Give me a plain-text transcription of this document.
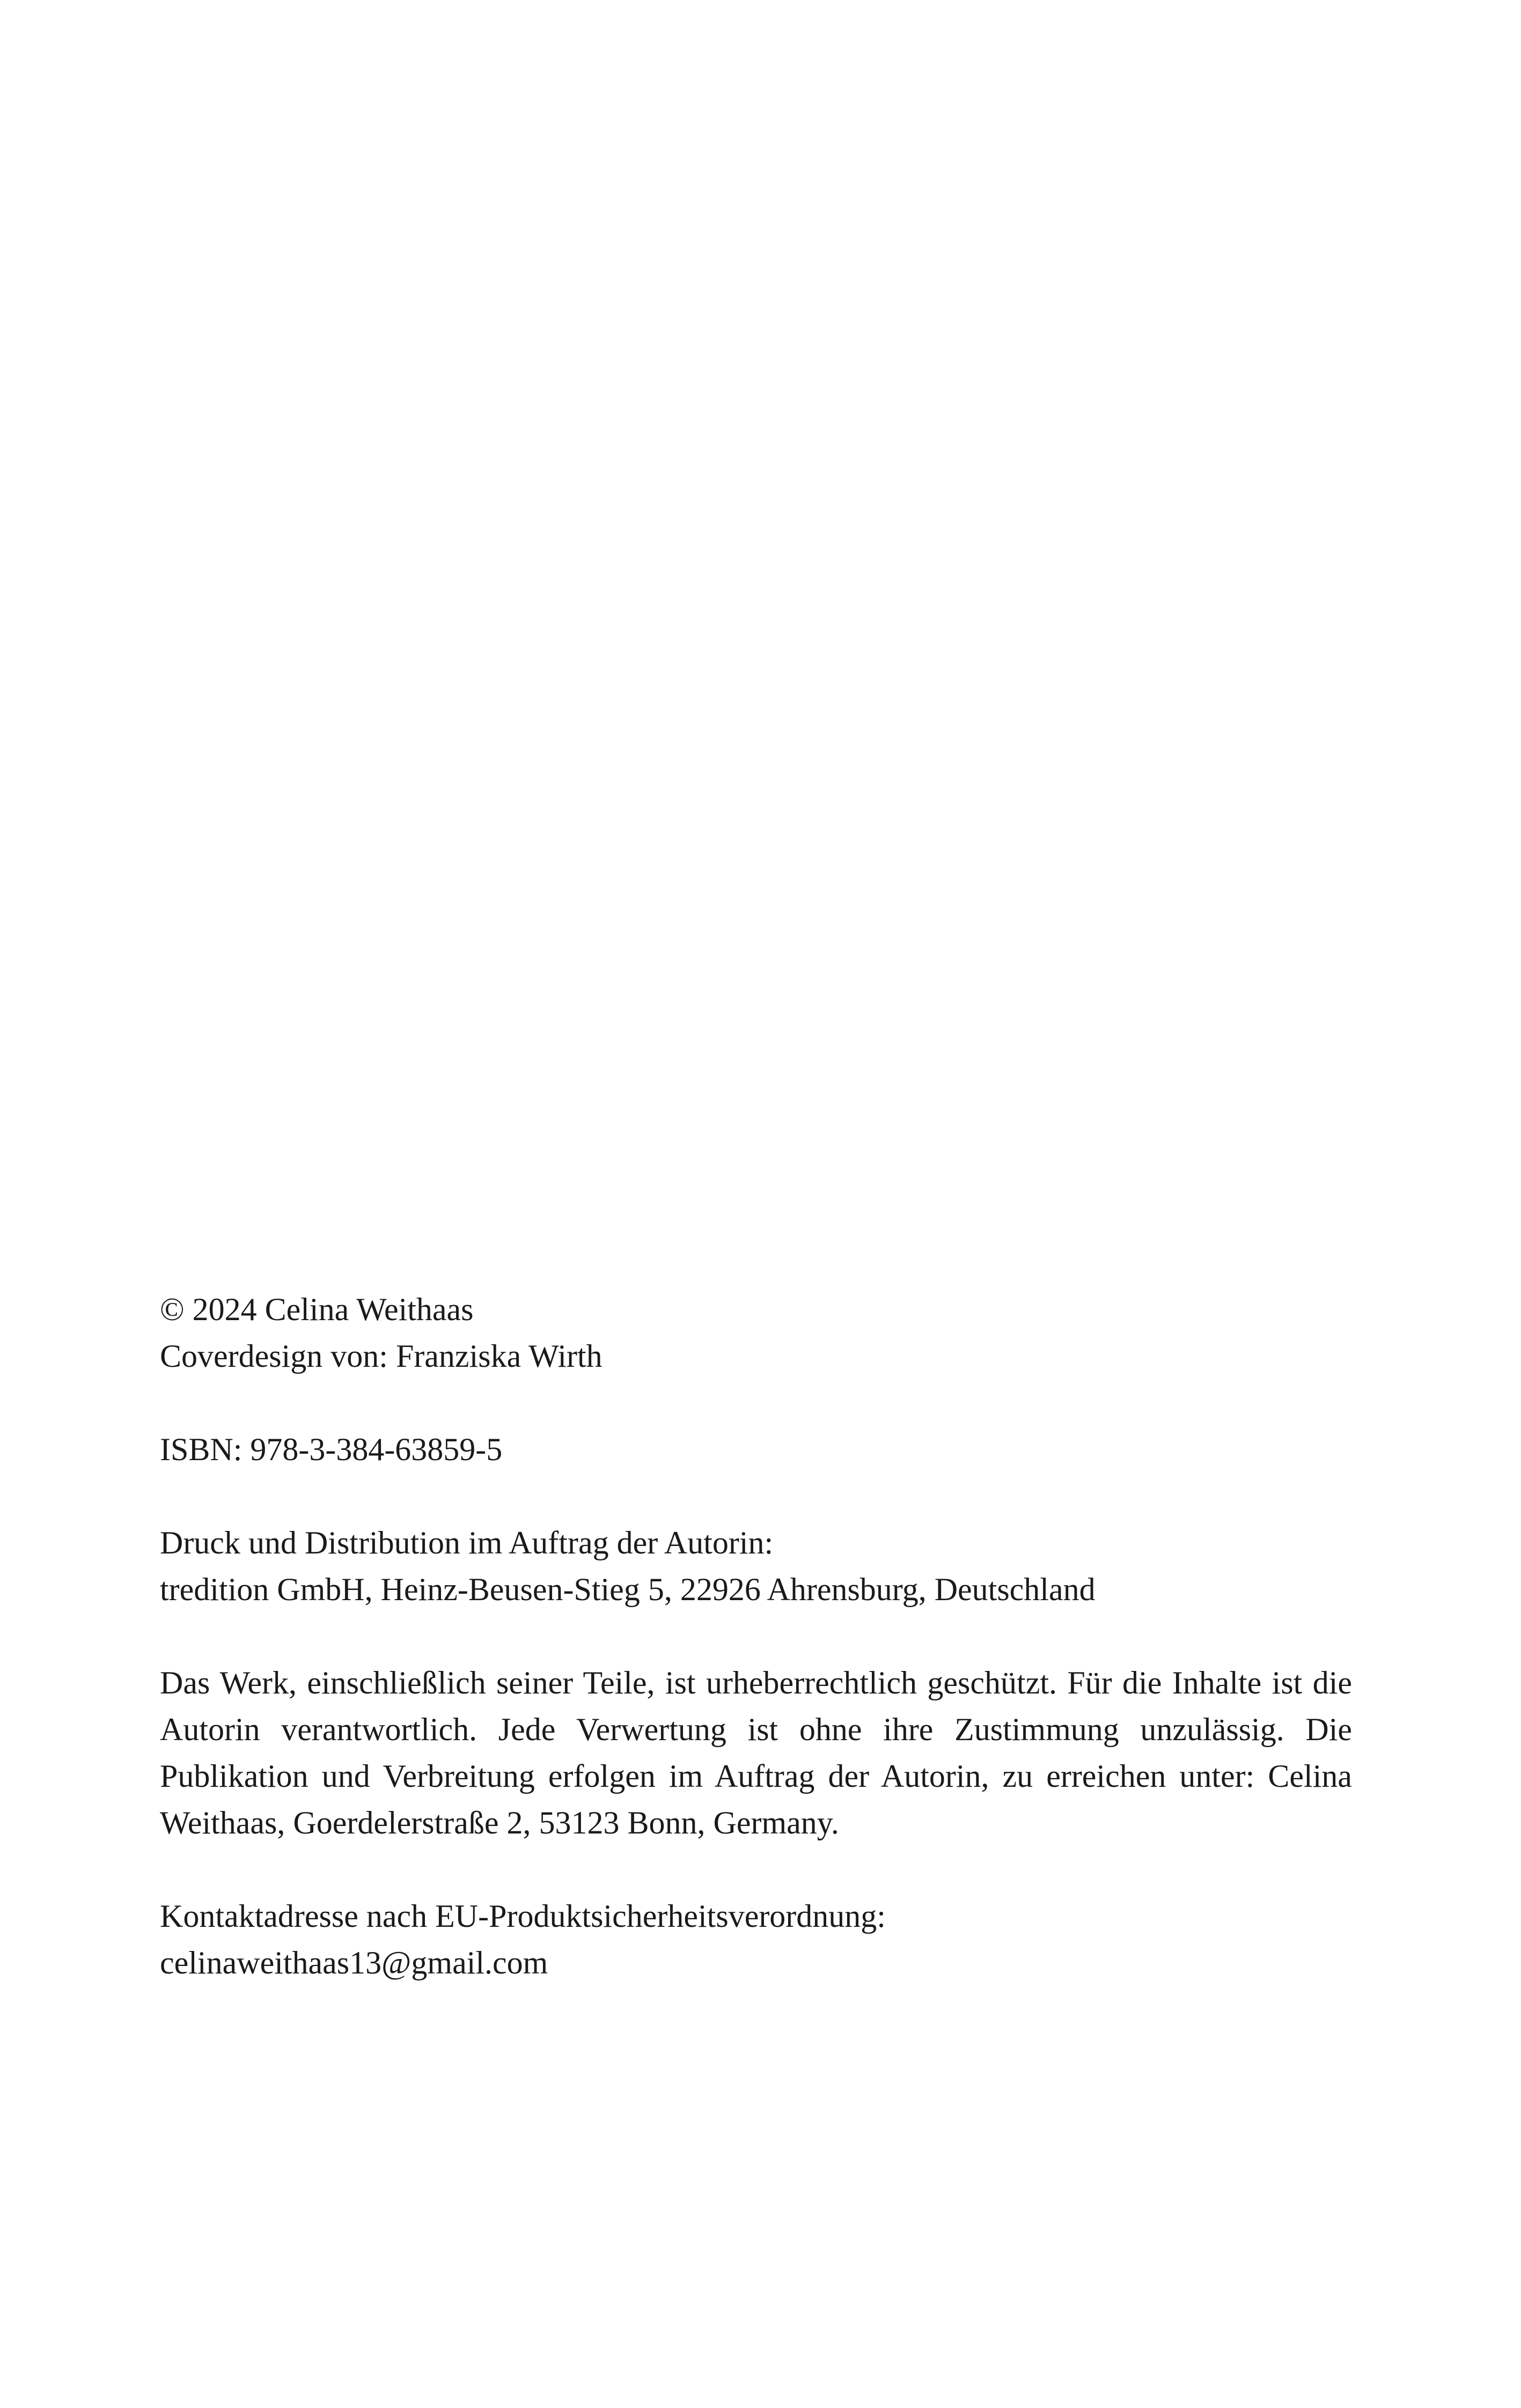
© 2024 Celina Weithaas
Coverdesign von: Franziska Wirth
ISBN: 978-3-384-63859-5
Druck und Distribution im Auftrag der Autorin:
tredition GmbH, Heinz-Beusen-Stieg 5, 22926 Ahrensburg, Deutschland
Das Werk, einschließlich seiner Teile, ist urheberrechtlich geschützt. Für die Inhalte ist die Autorin verantwortlich. Jede Verwertung ist ohne ihre Zustimmung unzulässig. Die Publikation und Verbreitung erfolgen im Auftrag der Autorin, zu erreichen unter: Celina Weithaas, Goerdelerstraße 2, 53123 Bonn, Germany.
Kontaktadresse nach EU-Produktsicherheitsverordnung:
celinaweithaas13@gmail.com
